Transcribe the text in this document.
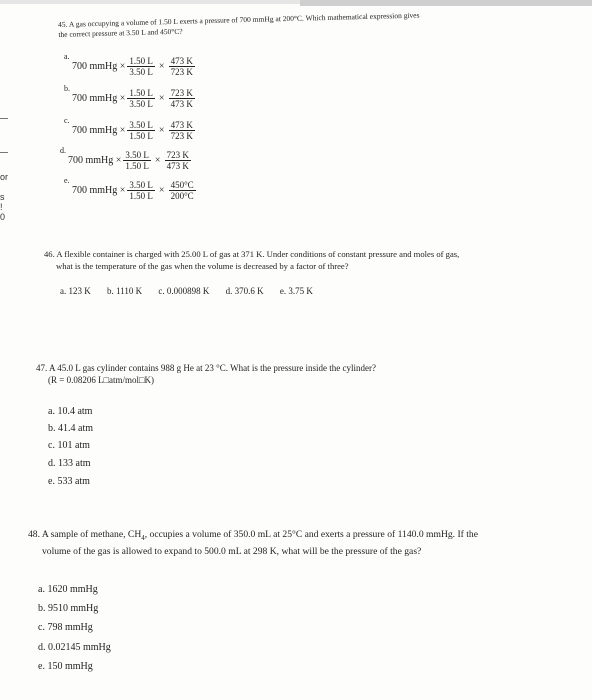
or
s
!
0
45. A gas occupying a volume of 1.50 L exerts a pressure of 700 mmHg at 200°C. Which mathematical expression gives
the correct pressure at 3.50 L and 450°C?
a.
700 mmHg × $\frac{1.50 L}{3.50 L} \times \frac{473 K}{723 K}$
b.
700 mmHg × $\frac{1.50 L}{3.50 L} \times \frac{723 K}{473 K}$
c.
700 mmHg × $\frac{3.50 L}{1.50 L} \times \frac{473 K}{723 K}$
d.
700 mmHg × $\frac{3.50 L}{1.50 L} \times \frac{723 K}{473 K}$
e.
700 mmHg × $\frac{3.50 L}{1.50 L} \times \frac{450^\circ C}{200^\circ C}$
46. A flexible container is charged with 25.00 L of gas at 371 K. Under conditions of constant pressure and moles of gas,
what is the temperature of the gas when the volume is decreased by a factor of three?
a. 123 K b. 1110 K c. 0.000898 K d. 370.6 K e. 3.75 K
47. A 45.0 L gas cylinder contains 988 g He at 23 °C. What is the pressure inside the cylinder?
(R = 0.08206 L□atm/mol□K)
a. 10.4 atm
b. 41.4 atm
c. 101 atm
d. 133 atm
e. 533 atm
48. A sample of methane, $CH_4$, occupies a volume of 350.0 mL at 25°C and exerts a pressure of 1140.0 mmHg. If the
volume of the gas is allowed to expand to 500.0 mL at 298 K, what will be the pressure of the gas?
a. 1620 mmHg
b. 9510 mmHg
c. 798 mmHg
d. 0.02145 mmHg
e. 150 mmHg
